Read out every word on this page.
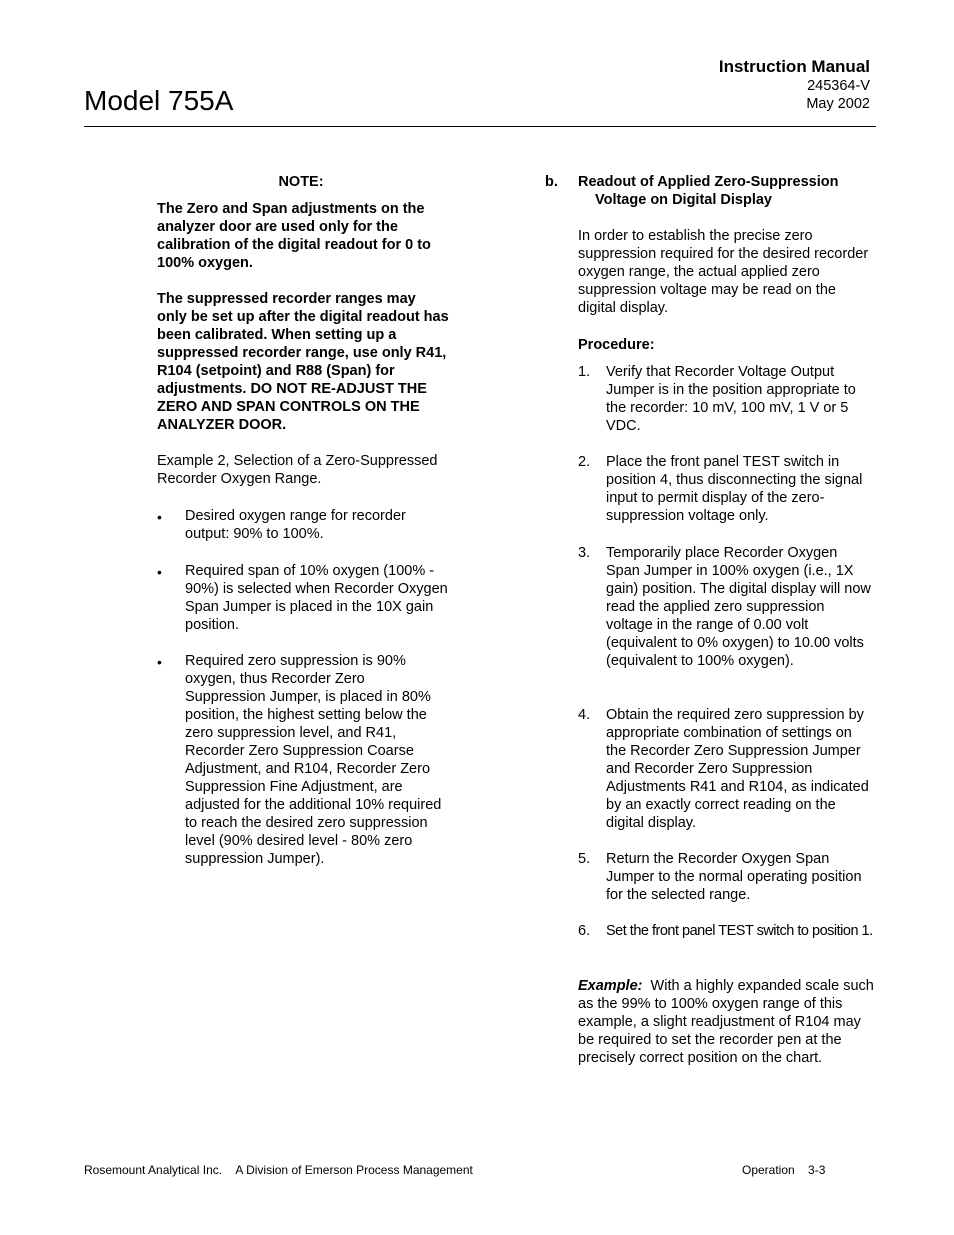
Model 755A
Instruction Manual
245364-V
May 2002
NOTE:
The Zero and Span adjustments on the analyzer door are used only for the calibration of the digital readout for 0 to 100% oxygen.
The suppressed recorder ranges may only be set up after the digital readout has been calibrated. When setting up a suppressed recorder range, use only R41, R104 (setpoint) and R88 (Span) for adjustments. DO NOT RE-ADJUST THE ZERO AND SPAN CONTROLS ON THE ANALYZER DOOR.
Example 2, Selection of a Zero-Suppressed Recorder Oxygen Range.
• Desired oxygen range for recorder output: 90% to 100%.
• Required span of 10% oxygen (100% - 90%) is selected when Recorder Oxygen Span Jumper is placed in the 10X gain position.
• Required zero suppression is 90% oxygen, thus Recorder Zero Suppression Jumper, is placed in 80% position, the highest setting below the zero suppression level, and R41, Recorder Zero Suppression Coarse Adjustment, and R104, Recorder Zero Suppression Fine Adjustment, are adjusted for the additional 10% required to reach the desired zero suppression level (90% desired level - 80% zero suppression Jumper).
b. Readout of Applied Zero-Suppression
Voltage on Digital Display
In order to establish the precise zero suppression required for the desired recorder oxygen range, the actual applied zero suppression voltage may be read on the digital display.
Procedure:
1. Verify that Recorder Voltage Output Jumper is in the position appropriate to the recorder: 10 mV, 100 mV, 1 V or 5 VDC.
2. Place the front panel TEST switch in position 4, thus disconnecting the signal input to permit display of the zero-suppression voltage only.
3. Temporarily place Recorder Oxygen Span Jumper in 100% oxygen (i.e., 1X gain) position. The digital display will now read the applied zero suppression voltage in the range of 0.00 volt (equivalent to 0% oxygen) to 10.00 volts (equivalent to 100% oxygen).
4. Obtain the required zero suppression by appropriate combination of settings on the Recorder Zero Suppression Jumper and Recorder Zero Suppression Adjustments R41 and R104, as indicated by an exactly correct reading on the digital display.
5. Return the Recorder Oxygen Span Jumper to the normal operating position for the selected range.
6. Set the front panel TEST switch to position 1.
Example: With a highly expanded scale such as the 99% to 100% oxygen range of this example, a slight readjustment of R104 may be required to set the recorder pen at the precisely correct position on the chart.
Rosemount Analytical Inc. A Division of Emerson Process Management	Operation 3-3
